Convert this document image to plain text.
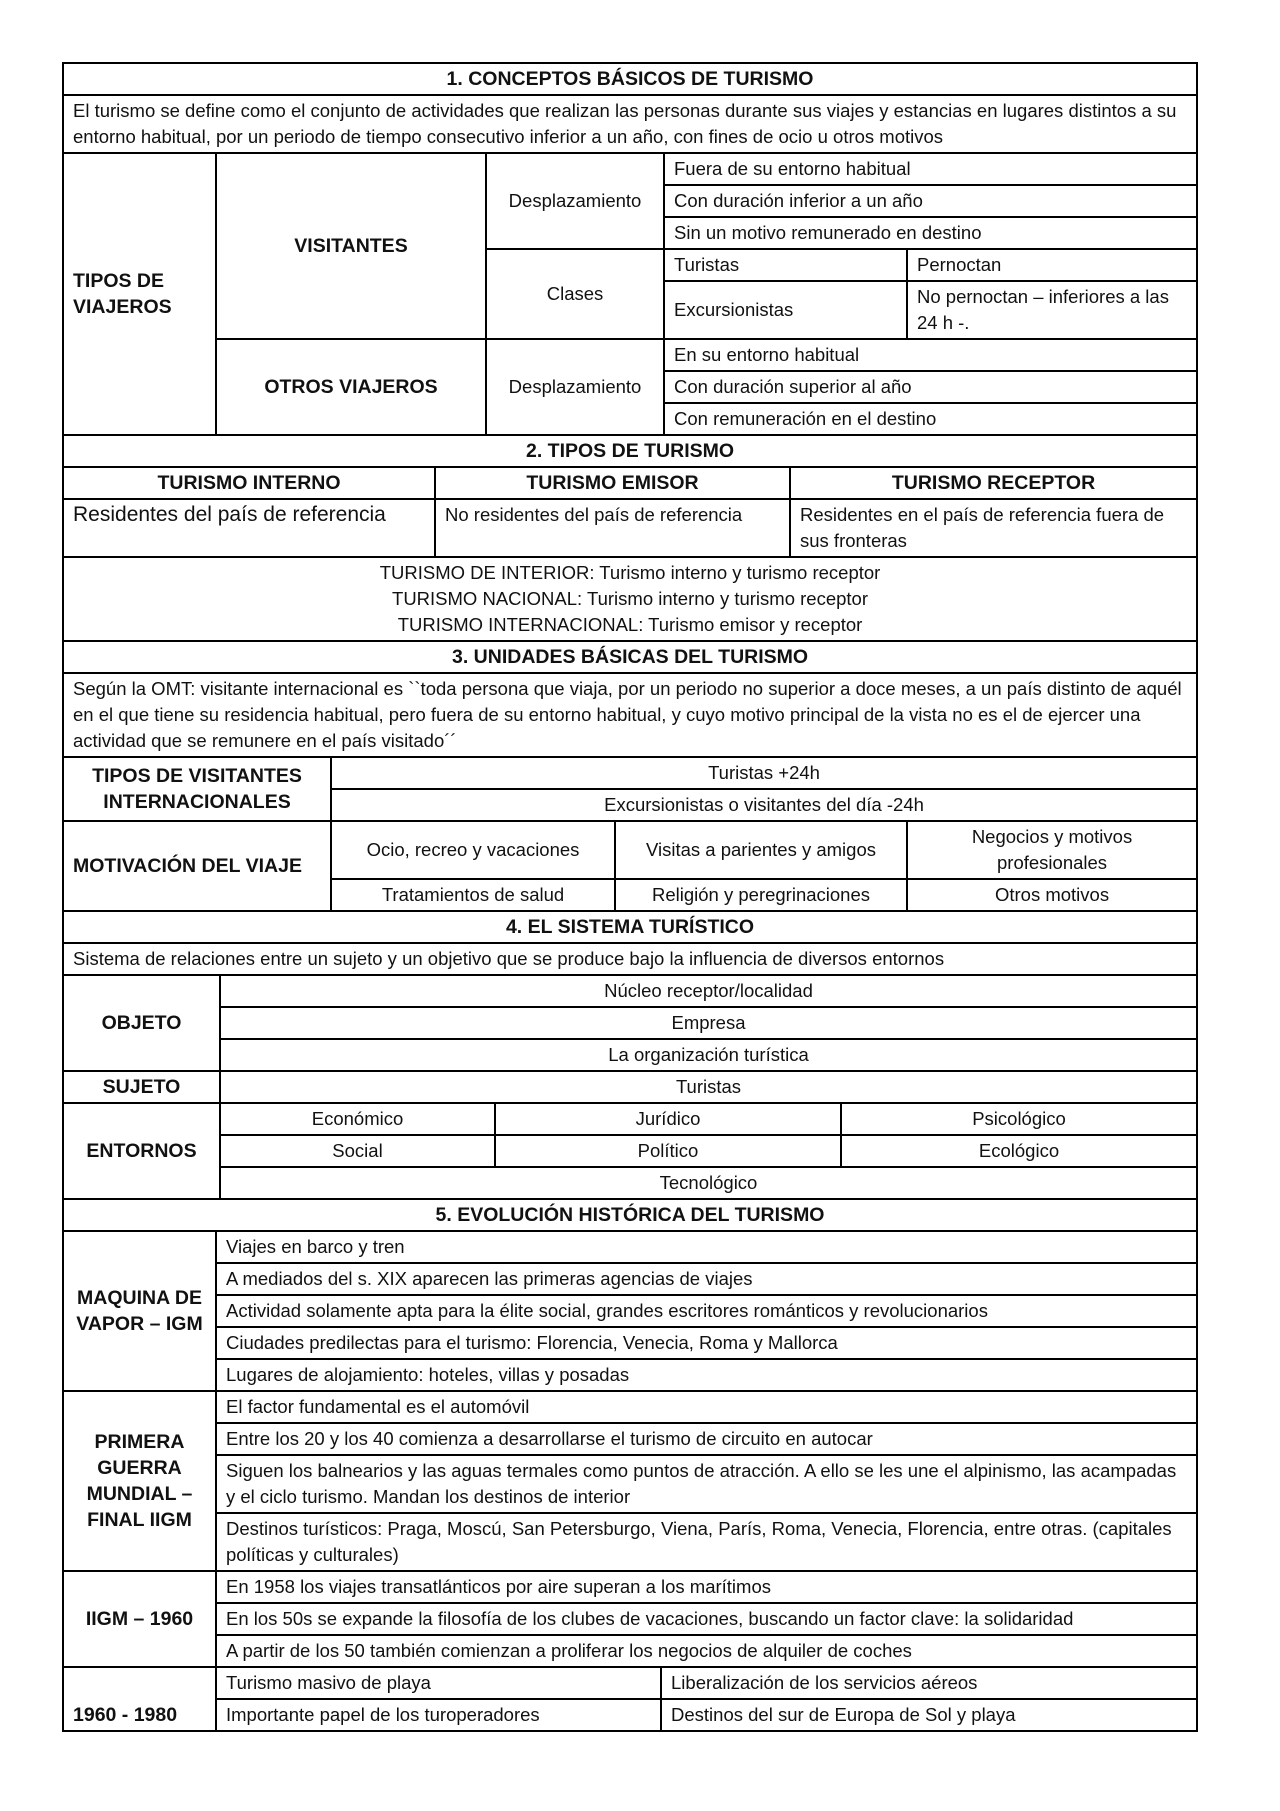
1. CONCEPTOS BÁSICOS DE TURISMO				
El turismo se define como el conjunto de actividades que realizan las personas durante sus viajes y estancias en lugares distintos a su entorno habitual, por un periodo de tiempo consecutivo inferior a un año, con fines de ocio u otros motivos				
TIPOS DE VIAJEROS	VISITANTES	Desplazamiento	Fuera de su entorno habitual	
			Con duración inferior a un año	
			Sin un motivo remunerado en destino	
		Clases	Turistas	Pernoctan
			Excursionistas	No pernoctan – inferiores a las 24 h -.
	OTROS VIAJEROS	Desplazamiento	En su entorno habitual	
			Con duración superior al año	
			Con remuneración en el destino	
2. TIPOS DE TURISMO		
TURISMO INTERNO	TURISMO EMISOR	TURISMO RECEPTOR
Residentes del país de referencia	No residentes del país de referencia	Residentes en el país de referencia fuera de sus fronteras

TURISMO DE INTERIOR: Turismo interno y turismo receptor
TURISMO NACIONAL: Turismo interno y turismo receptor
TURISMO INTERNACIONAL: Turismo emisor y receptor		
3. UNIDADES BÁSICAS DEL TURISMO			
Según la OMT: visitante internacional es ``toda persona que viaja, por un periodo no superior a doce meses, a un país distinto de aquél en el que tiene su residencia habitual, pero fuera de su entorno habitual, y cuyo motivo principal de la vista no es el de ejercer una actividad que se remunere en el país visitado´´			
TIPOS DE VISITANTES INTERNACIONALES	Turistas +24h		
	Excursionistas o visitantes del día -24h		
MOTIVACIÓN DEL VIAJE	Ocio, recreo y vacaciones	Visitas a parientes y amigos	Negocios y motivos profesionales
	Tratamientos de salud	Religión y peregrinaciones	Otros motivos
4. EL SISTEMA TURÍSTICO			
Sistema de relaciones entre un sujeto y un objetivo que se produce bajo la influencia de diversos entornos			
OBJETO	Núcleo receptor/localidad		
	Empresa		
	La organización turística		
SUJETO	Turistas		
ENTORNOS	Económico	Jurídico	Psicológico
	Social	Político	Ecológico
	Tecnológico		
5. EVOLUCIÓN HISTÓRICA DEL TURISMO		
MAQUINA DE VAPOR – IGM	Viajes en barco y tren	
	A mediados del s. XIX aparecen las primeras agencias de viajes	
	Actividad solamente apta para la élite social, grandes escritores románticos y revolucionarios	
	Ciudades predilectas para el turismo: Florencia, Venecia, Roma y Mallorca	
	Lugares de alojamiento: hoteles, villas y posadas	
PRIMERA GUERRA MUNDIAL – FINAL IIGM	El factor fundamental es el automóvil	
	Entre los 20 y los 40 comienza a desarrollarse el turismo de circuito en autocar	
	Siguen los balnearios y las aguas termales como puntos de atracción. A ello se les une el alpinismo, las acampadas y el ciclo turismo. Mandan los destinos de interior	
	Destinos turísticos: Praga, Moscú, San Petersburgo, Viena, París, Roma, Venecia, Florencia, entre otras. (capitales políticas y culturales)	
IIGM – 1960	En 1958 los viajes transatlánticos por aire superan a los marítimos	
	En los 50s se expande la filosofía de los clubes de vacaciones, buscando un factor clave: la solidaridad	
	A partir de los 50 también comienzan a proliferar los negocios de alquiler de coches	
1960 - 1980	Turismo masivo de playa	Liberalización de los servicios aéreos
	Importante papel de los turoperadores	Destinos del sur de Europa de Sol y playa
